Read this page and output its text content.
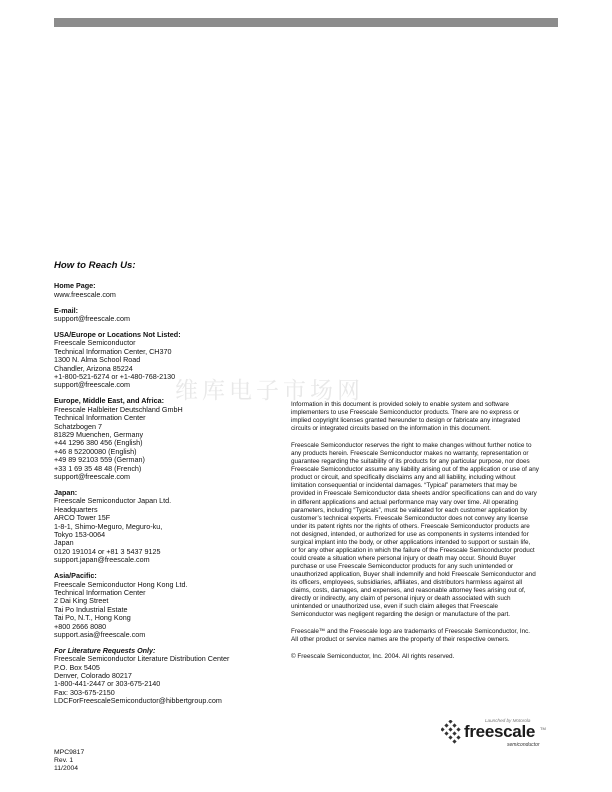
How to Reach Us:
Home Page:
www.freescale.com
E-mail:
support@freescale.com
USA/Europe or Locations Not Listed:
Freescale Semiconductor
Technical Information Center, CH370
1300 N. Alma School Road
Chandler, Arizona 85224
+1-800-521-6274 or +1-480-768-2130
support@freescale.com
Europe, Middle East, and Africa:
Freescale Halbleiter Deutschland GmbH
Technical Information Center
Schatzbogen 7
81829 Muenchen, Germany
+44 1296 380 456 (English)
+46 8 52200080 (English)
+49 89 92103 559 (German)
+33 1 69 35 48 48 (French)
support@freescale.com
Japan:
Freescale Semiconductor Japan Ltd.
Headquarters
ARCO Tower 15F
1-8-1, Shimo-Meguro, Meguro-ku,
Tokyo 153-0064
Japan
0120 191014 or +81 3 5437 9125
support.japan@freescale.com
Asia/Pacific:
Freescale Semiconductor Hong Kong Ltd.
Technical Information Center
2 Dai King Street
Tai Po Industrial Estate
Tai Po, N.T., Hong Kong
+800 2666 8080
support.asia@freescale.com
For Literature Requests Only:
Freescale Semiconductor Literature Distribution Center
P.O. Box 5405
Denver, Colorado 80217
1-800-441-2447 or 303-675-2140
Fax: 303-675-2150
LDCForFreescaleSemiconductor@hibbertgroup.com
维库电子市场网

Information in this document is provided solely to enable system and software
implementers to use Freescale Semiconductor products. There are no express or
implied copyright licenses granted hereunder to design or fabricate any integrated
circuits or integrated circuits based on the information in this document.

Freescale Semiconductor reserves the right to make changes without further notice to
any products herein. Freescale Semiconductor makes no warranty, representation or
guarantee regarding the suitability of its products for any particular purpose, nor does
Freescale Semiconductor assume any liability arising out of the application or use of any
product or circuit, and specifically disclaims any and all liability, including without
limitation consequential or incidental damages. “Typical” parameters that may be
provided in Freescale Semiconductor data sheets and/or specifications can and do vary
in different applications and actual performance may vary over time. All operating
parameters, including “Typicals”, must be validated for each customer application by
customer’s technical experts. Freescale Semiconductor does not convey any license
under its patent rights nor the rights of others. Freescale Semiconductor products are
not designed, intended, or authorized for use as components in systems intended for
surgical implant into the body, or other applications intended to support or sustain life,
or for any other application in which the failure of the Freescale Semiconductor product
could create a situation where personal injury or death may occur. Should Buyer
purchase or use Freescale Semiconductor products for any such unintended or
unauthorized application, Buyer shall indemnify and hold Freescale Semiconductor and
its officers, employees, subsidiaries, affiliates, and distributors harmless against all
claims, costs, damages, and expenses, and reasonable attorney fees arising out of,
directly or indirectly, any claim of personal injury or death associated with such
unintended or unauthorized use, even if such claim alleges that Freescale
Semiconductor was negligent regarding the design or manufacture of the part.

Freescale™ and the Freescale logo are trademarks of Freescale Semiconductor, Inc.
All other product or service names are the property of their respective owners.

© Freescale Semiconductor, Inc. 2004. All rights reserved.

Launched by Motorola
freescale TM
semiconductor
MPC9817
Rev. 1
11/2004
